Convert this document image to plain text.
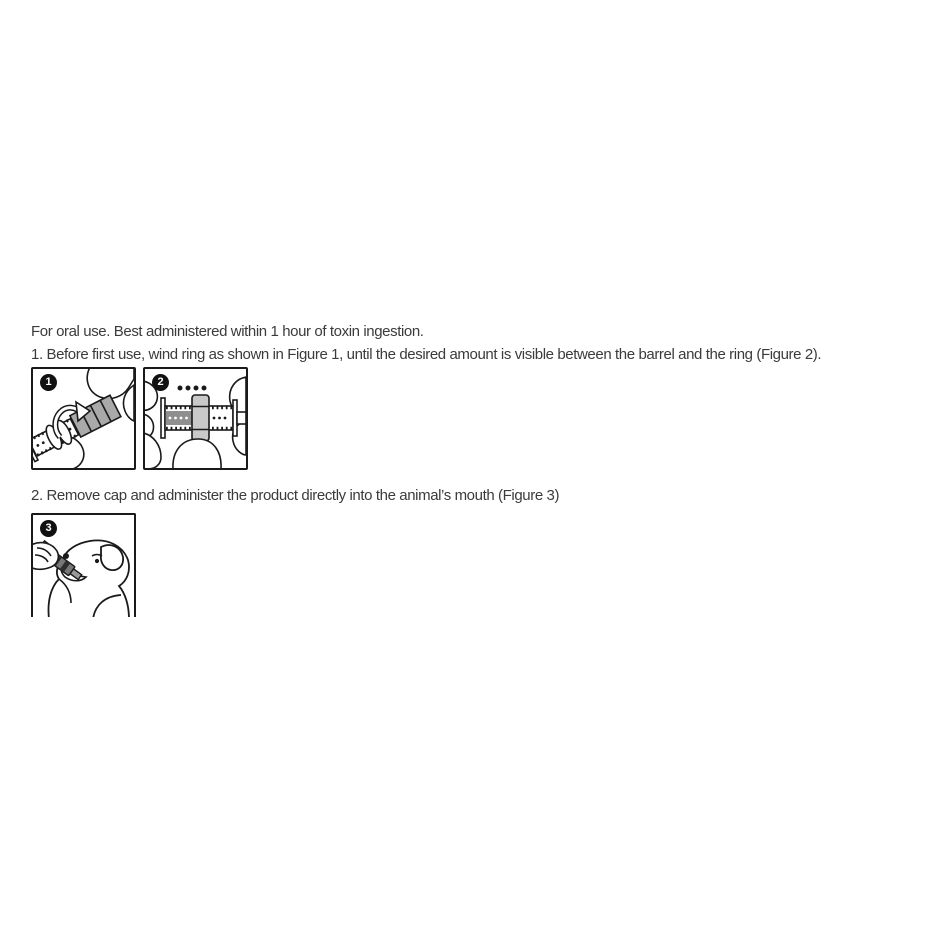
For oral use. Best administered within 1 hour of toxin ingestion.

1. Before first use, wind ring as shown in Figure 1, until the desired amount is visible between the barrel and the ring (Figure 2).

1	2

2. Remove cap and administer the product directly into the animal’s mouth (Figure 3)

3
